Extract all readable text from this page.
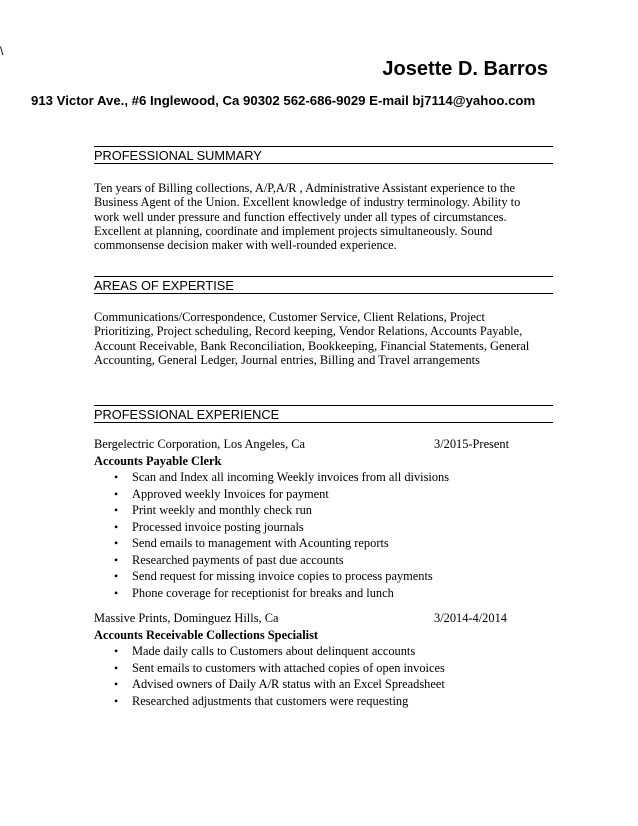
\
Josette D. Barros

913 Victor Ave., #6 Inglewood, Ca 90302 562-686-9029 E-mail bj7114@yahoo.com

PROFESSIONAL SUMMARY

Ten years of Billing collections, A/P,A/R , Administrative Assistant experience to the

Business Agent of the Union. Excellent knowledge of industry terminology. Ability to

work well under pressure and function effectively under all types of circumstances.

Excellent at planning, coordinate and implement projects simultaneously. Sound

commonsense decision maker with well-rounded experience.

AREAS OF EXPERTISE

Communications/Correspondence, Customer Service, Client Relations, Project

Prioritizing, Project scheduling, Record keeping, Vendor Relations, Accounts Payable,

Account Receivable, Bank Reconciliation, Bookkeeping, Financial Statements, General

Accounting, General Ledger, Journal entries, Billing and Travel arrangements

PROFESSIONAL EXPERIENCE
Bergelectric Corporation, Los Angeles, Ca	3/2015-Present
Accounts Payable Clerk
• Scan and Index all incoming Weekly invoices from all divisions
• Approved weekly Invoices for payment
• Print weekly and monthly check run
• Processed invoice posting journals
• Send emails to management with Acounting reports
• Researched payments of past due accounts
• Send request for missing invoice copies to process payments
• Phone coverage for receptionist for breaks and lunch
Massive Prints, Dominguez Hills, Ca	3/2014-4/2014
Accounts Receivable Collections Specialist
• Made daily calls to Customers about delinquent accounts
• Sent emails to customers with attached copies of open invoices
• Advised owners of Daily A/R status with an Excel Spreadsheet
• Researched adjustments that customers were requesting
